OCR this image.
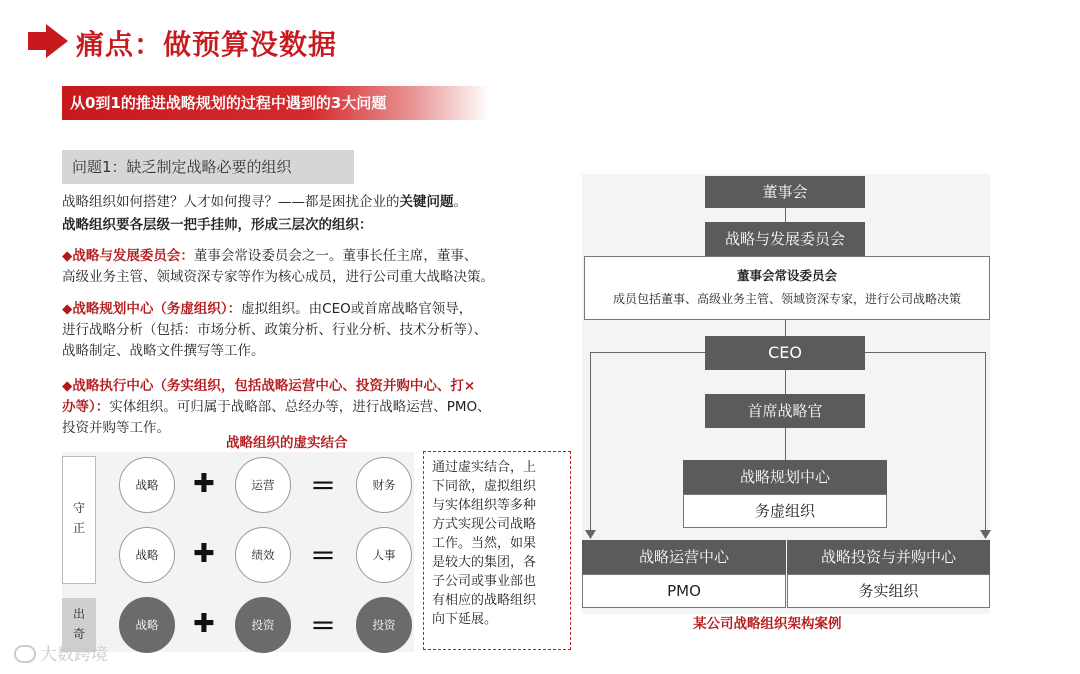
痛点：做预算没数据
从0到1的推进战略规划的过程中遇到的3大问题
问题1：缺乏制定战略必要的组织
战略组织如何搭建？人才如何搜寻？——都是困扰企业的关键问题。
战略组织要各层级一把手挂帅，形成三层次的组织：
◆战略与发展委员会：董事会常设委员会之一。董事长任主席，董事、
高级业务主管、领域资深专家等作为核心成员，进行公司重大战略决策。
◆战略规划中心（务虚组织）：虚拟组织。由CEO或首席战略官领导，
进行战略分析（包括：市场分析、政策分析、行业分析、技术分析等）、
战略制定、战略文件撰写等工作。
◆战略执行中心（务实组织，包括战略运营中心、投资并购中心、打×
办等）：实体组织。可归属于战略部、总经办等，进行战略运营、PMO、
投资并购等工作。
战略组织的虚实结合
守
正
出
奇
战略	✚	运营	＝	财务
战略	✚	绩效	＝	人事
战略	✚	投资	＝	投资
通过虚实结合，上
下同欲，虚拟组织
与实体组织等多种
方式实现公司战略
工作。当然，如果
是较大的集团，各
子公司或事业部也
有相应的战略组织
向下延展。
董事会
战略与发展委员会
董事会常设委员会
成员包括董事、高级业务主管、领域资深专家，进行公司战略决策
CEO
首席战略官
战略规划中心
务虚组织
战略运营中心
PMO
战略投资与并购中心
务实组织
某公司战略组织架构案例
大数跨境
